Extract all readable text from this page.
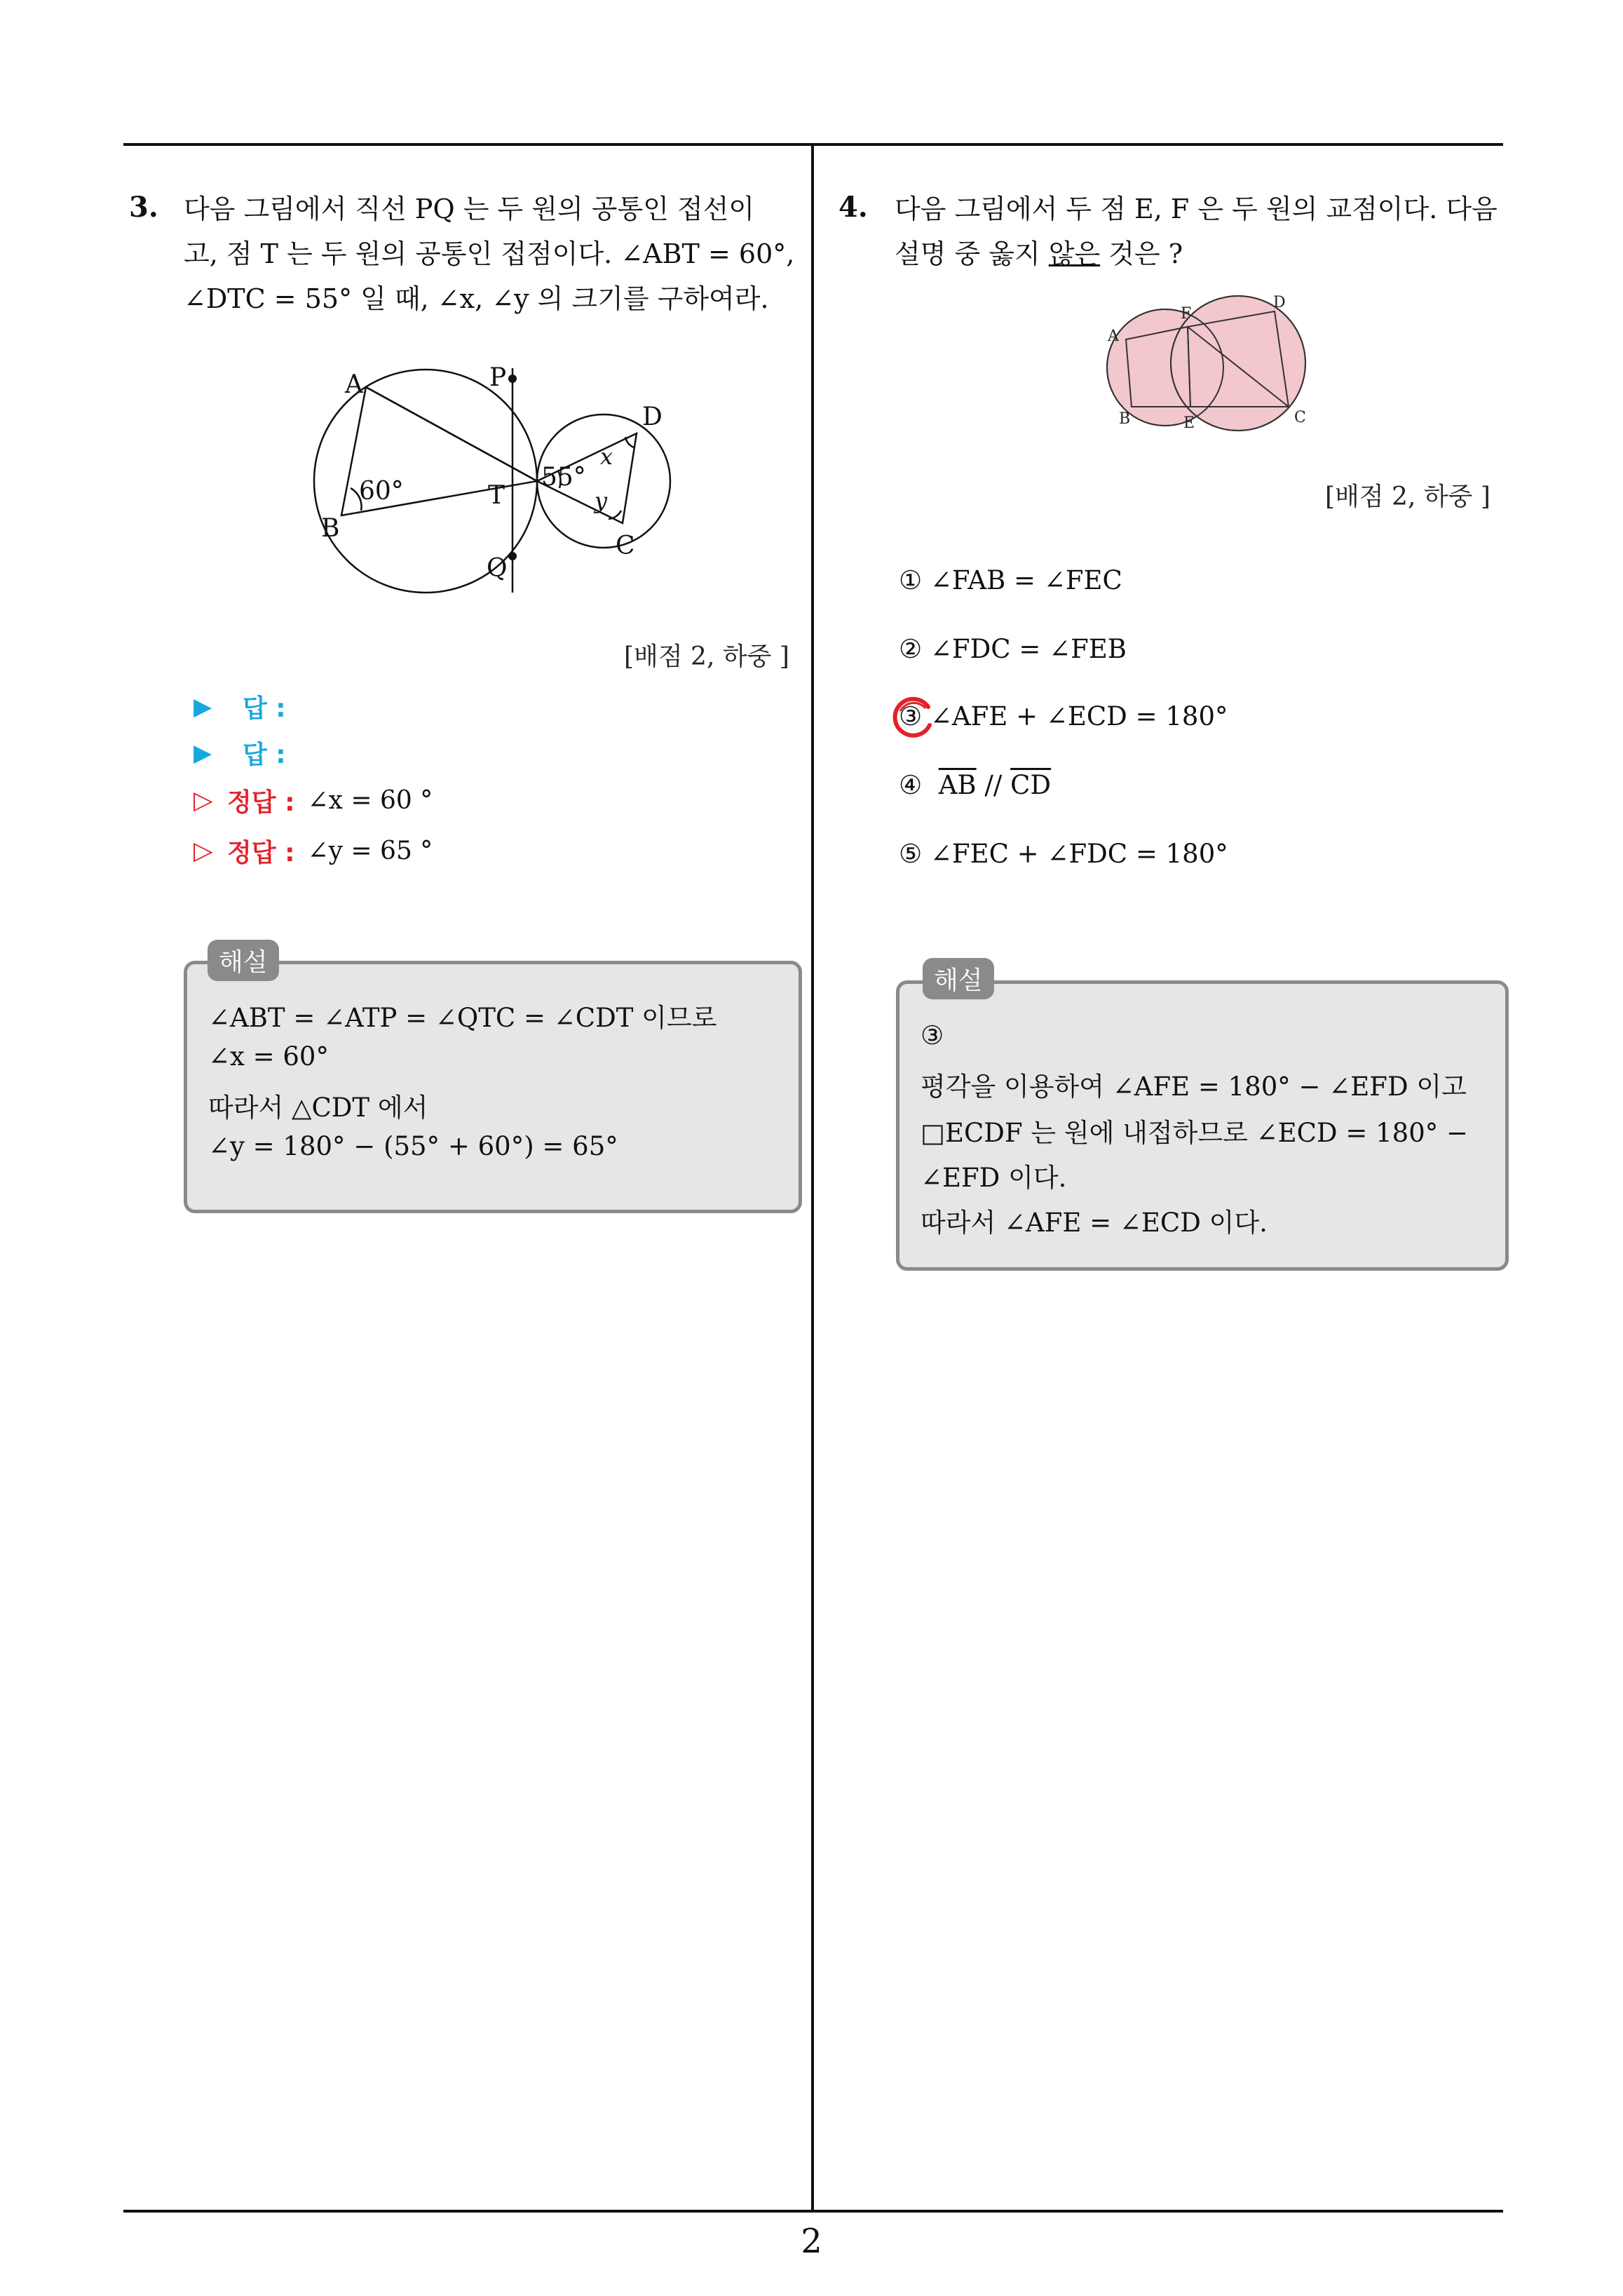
3. 다음 그림에서 직선 PQ 는 두 원의 공통인 접선이
고, 점 T 는 두 원의 공통인 접점이다. ∠ABT = 60°,
∠DTC = 55° 일 때, ∠x, ∠y 의 크기를 구하여라.
A
B
C
D
P
Q
T
60°	55°
x
y
[배점 2, 하중 ]
▶	답 :
▶	답 :
▷ 정답 : ∠x = 60 °
▷ 정답 : ∠y = 65 °
∠ABT = ∠ATP = ∠QTC = ∠CDT 이므로
∠x = 60°
따라서 △CDT 에서
∠y = 180° − (55° + 60°) = 65°
해설
4. 다음 그림에서 두 점 E, F 은 두 원의 교점이다. 다음
설명 중 옳지 않은 것은 ?
A
B	C
D
E
F
[배점 2, 하중 ]
① ∠FAB = ∠FEC
② ∠FDC = ∠FEB
③ ∠AFE + ∠ECD = 180°
④ $\overline{AB} // \overline{CD}$
⑤ ∠FEC + ∠FDC = 180°
③
평각을 이용하여 ∠AFE = 180° − ∠EFD 이고
□ECDF 는 원에 내접하므로 ∠ECD = 180° −
∠EFD 이다.
따라서 ∠AFE = ∠ECD 이다.
해설
2
